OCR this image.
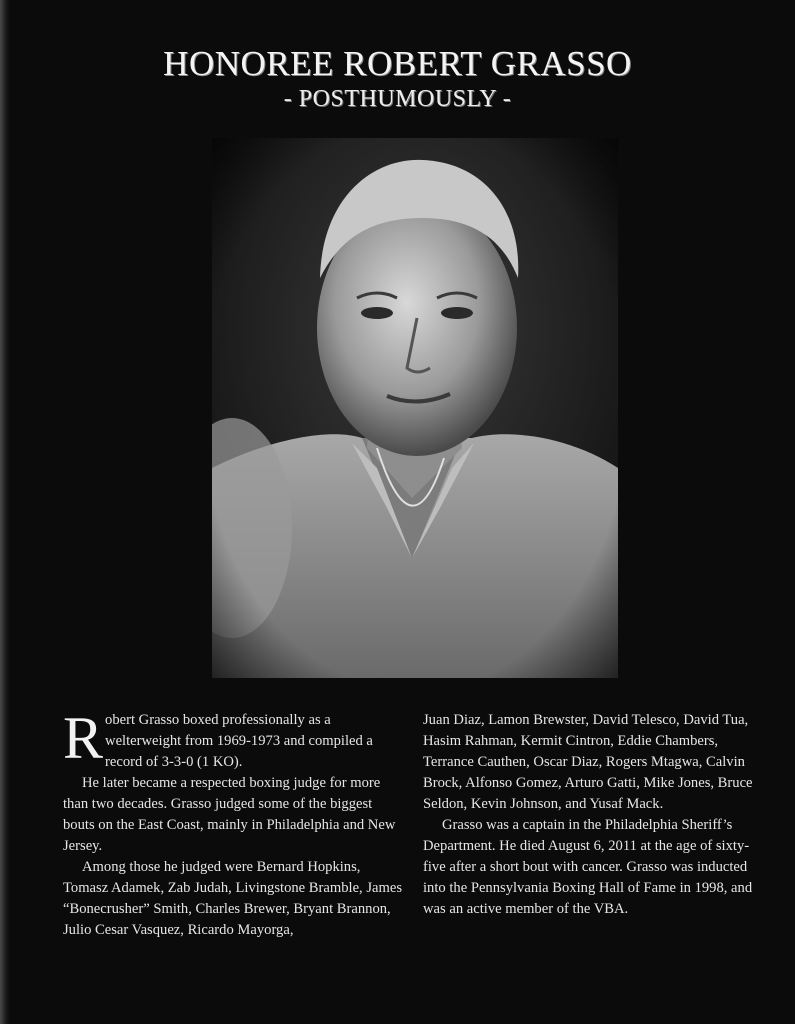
HONOREE ROBERT GRASSO
- POSTHUMOUSLY -

Robert Grasso boxed professionally as a welterweight from 1969-1973 and compiled a record of 3-3-0 (1 KO).

He later became a respected boxing judge for more than two decades. Grasso judged some of the biggest bouts on the East Coast, mainly in Philadelphia and New Jersey.

Among those he judged were Bernard Hopkins, Tomasz Adamek, Zab Judah, Livingstone Bramble, James “Bonecrusher” Smith, Charles Brewer, Bryant Brannon, Julio Cesar Vasquez, Ricardo Mayorga,

Juan Diaz, Lamon Brewster, David Telesco, David Tua, Hasim Rahman, Kermit Cintron, Eddie Chambers, Terrance Cauthen, Oscar Diaz, Rogers Mtagwa, Calvin Brock, Alfonso Gomez, Arturo Gatti, Mike Jones, Bruce Seldon, Kevin Johnson, and Yusaf Mack.

Grasso was a captain in the Philadelphia Sheriff’s Department. He died August 6, 2011 at the age of sixty-five after a short bout with cancer. Grasso was inducted into the Pennsylvania Boxing Hall of Fame in 1998, and was an active member of the VBA.
